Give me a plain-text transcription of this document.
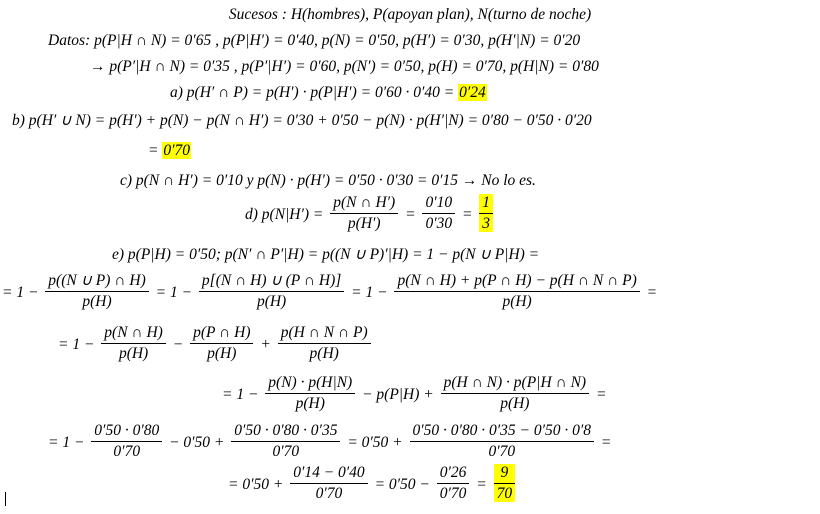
Sucesos : H(hombres), P(apoyan plan), N(turno de noche)
Datos: p(P|H ∩ N) = 0′65 , p(P|H′) = 0′40, p(N) = 0′50, p(H′) = 0′30, p(H′|N) = 0′20
→ p(P′|H ∩ N) = 0′35 , p(P′|H′) = 0′60, p(N′) = 0′50, p(H) = 0′70, p(H|N) = 0′80
a) p(H′ ∩ P) = p(H′) · p(P|H′) = 0′60 · 0′40 = 0′24
b) p(H′ ∪ N) = p(H′) + p(N) − p(N ∩ H′) = 0′30 + 0′50 − p(N) · p(H′|N) = 0′80 − 0′50 · 0′20
= 0′70
c) p(N ∩ H′) = 0′10 y p(N) · p(H′) = 0′50 · 0′30 = 0′15 → No lo es.
d) $p(N|H') = \frac{p(N \cap H')}{p(H')} = \frac{0'10}{0'30} = \frac{1}{3}$
e) p(P|H) = 0′50; p(N′ ∩ P′|H) = p((N ∪ P)′|H) = 1 − p(N ∪ P|H) =
= $1 - \frac{p((N \cup P) \cap H)}{p(H)} = 1 - \frac{p[(N \cap H) \cup (P \cap H)]}{p(H)} = 1 - \frac{p(N \cap H) + p(P \cap H) - p(H \cap N \cap P)}{p(H)}$ =
= $1 - \frac{p(N \cap H)}{p(H)} - \frac{p(P \cap H)}{p(H)} + \frac{p(H \cap N \cap P)}{p(H)}$
= $1 - \frac{p(N) \cdot p(H|N)}{p(H)} - p(P|H) + \frac{p(H \cap N) \cdot p(P|H \cap N)}{p(H)}$ =
= $1 - \frac{0'50 \cdot 0'80}{0'70} - 0'50 + \frac{0'50 \cdot 0'80 \cdot 0'35}{0'70} = 0'50 + \frac{0'50 \cdot 0'80 \cdot 0'35 - 0'50 \cdot 0'8}{0'70}$ =
= $0'50 + \frac{0'14 - 0'40}{0'70} = 0'50 - \frac{0'26}{0'70} = \frac{9}{70}$
